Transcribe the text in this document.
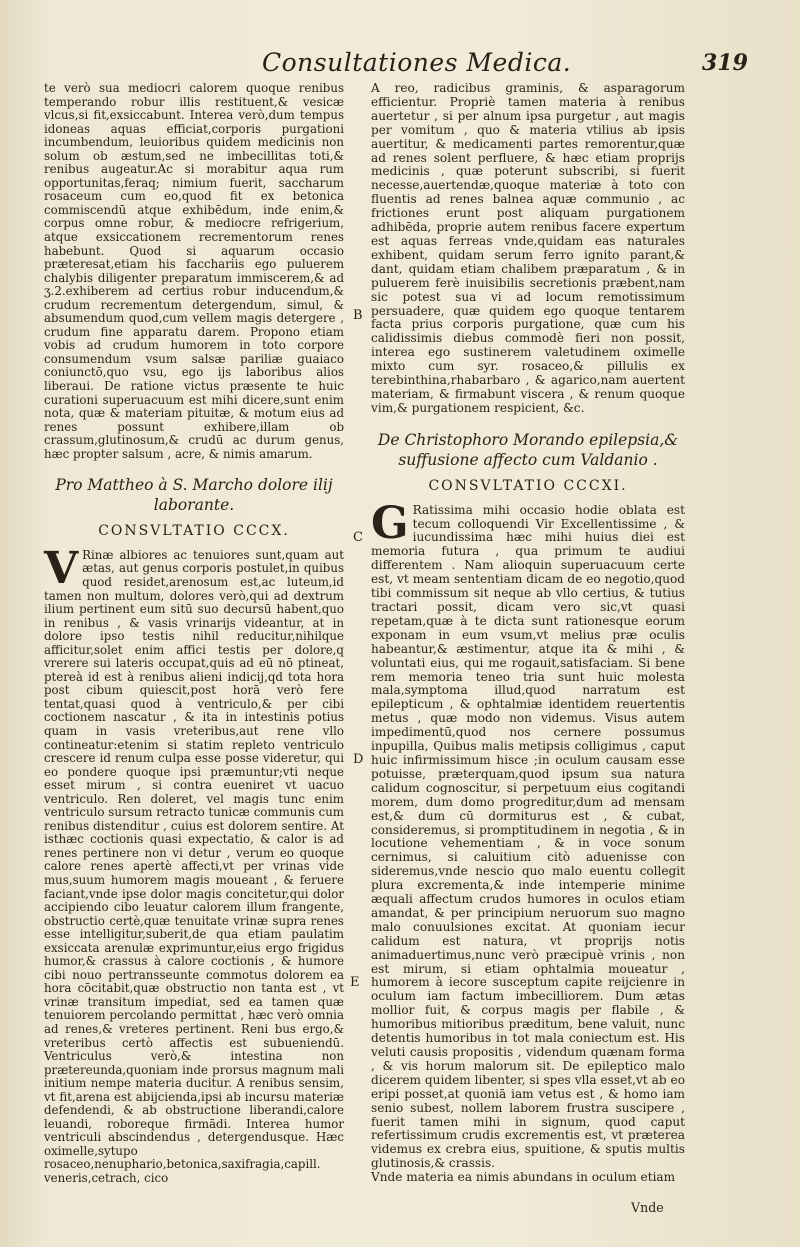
Consultationes Medica.	319

te verò sua mediocri calorem quoque renibus temperando robur illis restituent,& vesicæ vlcus,si fit,exsiccabunt. Interea verò,dum tempus idoneas aquas efficiat,corporis purgationi incumbendum, leuioribus quidem medicinis non solum ob æstum,sed ne imbecillitas toti,& renibus augeatur.Ac si morabitur aqua rum opportunitas,feraq; nimium fuerit, saccharum rosaceum cum eo,quod fit ex betonica commiscendū atque exhibēdum, inde enim,& corpus omne robur, & mediocre refrigerium, atque exsiccationem recrementorum renes habebunt. Quod si aquarum occasio præteresat,etiam his facchariis ego puluerem chalybis diligenter preparatum immiscerem,& ad ʒ.2.exhiberem ad certius robur inducendum,& crudum recrementum detergendum, simul, & absumendum quod,cum vellem magis detergere , crudum fine apparatu darem. Propono etiam vobis ad crudum humorem in toto corpore consumendum vsum salsæ pariliæ guaiaco coniunctō,quo vsu, ego ijs laboribus alios liberaui. De ratione victus præsente te huic curationi superuacuum est mihi dicere,sunt enim nota, quæ & materiam pituitæ, & motum eius ad renes possunt exhibere,illam ob crassum,glutinosum,& crudū ac durum genus, hæc propter salsum , acre, & nimis amarum.

Pro Mattheo à S. Marcho dolore ilij laborante.
CONSVLTATIO CCCX.

V Rinæ albiores ac tenuiores sunt,quam aut ætas, aut genus corporis postulet,in quibus quod residet,arenosum est,ac luteum,id tamen non multum, dolores verò,qui ad dextrum ilium pertinent eum sitū suo decursū habent,quo in renibus , & vasis vrinarijs videantur, at in dolore ipso testis nihil reducitur,nihilque afficitur,solet enim affici testis per dolore,q vrerere sui lateris occupat,quis ad eū nō ptineat, ptereà id est à renibus alieni indicij,qd tota hora post cibum quiescit,post horā verò fere tentat,quasi quod à ventriculo,& per cibi coctionem nascatur , & ita in intestinis potius quam in vasis vreteribus,aut rene vllo contineatur:etenim si statim repleto ventriculo crescere id renum culpa esse posse videretur, qui eo pondere quoque ipsi præmuntur;vti neque esset mirum , si contra eueniret vt uacuo ventriculo. Ren doleret, vel magis tunc enim ventriculo sursum retracto tunicæ communis cum renibus distenditur , cuius est dolorem sentire. At isthæc coctionis quasi expectatio, & calor is ad renes pertinere non vi detur , verum eo quoque calore renes apertè affecti,vt per vrinas vide mus,suum humorem magis moueant , & feruere faciant,vnde ipse dolor magis concitetur,qui dolor accipiendo cibo leuatur calorem illum frangente, obstructio certè,quæ tenuitate vrinæ supra renes esse intelligitur,suberit,de qua etiam paulatim exsiccata arenulæ exprimuntur,eius ergo frigidus humor,& crassus à calore coctionis , & humore cibi nouo pertransseunte commotus dolorem ea hora cōcitabit,quæ obstructio non tanta est , vt vrinæ transitum impediat, sed ea tamen quæ tenuiorem percolando permittat , hæc verò omnia ad renes,& vreteres pertinent. Reni bus ergo,& vreteribus certò affectis est subueniendū. Ventriculus verò,& intestina non prætereunda,quoniam inde prorsus magnum mali initium nempe materia ducitur. A renibus sensim, vt fit,arena est abijcienda,ipsi ab incursu materiæ defendendi, & ab obstructione liberandi,calore leuandi, roboreque firmādi. Interea humor ventriculi abscindendus , detergendusque. Hæc oximelle,sytupo rosaceo,nenuphario,betonica,saxifragia,capill. veneris,cetrach, cico

B
C
D
E

A reo, radicibus graminis, & asparagorum efficientur. Propriè tamen materia à renibus auertetur , si per alnum ipsa purgetur , aut magis per vomitum , quo & materia vtilius ab ipsis auertitur, & medicamenti partes remorentur,quæ ad renes solent perfluere, & hæc etiam proprijs medicinis , quæ poterunt subscribi, si fuerit necesse,auertendæ,quoque materiæ à toto con fluentis ad renes balnea aquæ communio , ac frictiones erunt post aliquam purgationem adhibēda, proprie autem renibus facere expertum est aquas ferreas vnde,quidam eas naturales exhibent, quidam serum ferro ignito parant,& dant, quidam etiam chalibem præparatum , & in puluerem ferè inuisibilis secretionis præbent,nam sic potest sua vi ad locum remotissimum persuadere, quæ quidem ego quoque tentarem facta prius corporis purgatione, quæ cum his calidissimis diebus commodè fieri non possit, interea ego sustinerem valetudinem oximelle mixto cum syr. rosaceo,& pillulis ex terebinthina,rhabarbaro , & agarico,nam auertent materiam, & firmabunt viscera , & renum quoque vim,& purgationem respicient, &c.

De Christophoro Morando epilepsia,& suffusione affecto cum Valdanio .
CONSVLTATIO CCCXI.

G Ratissima mihi occasio hodie oblata est tecum colloquendi Vir Excellentissime , & iucundissima hæc mihi huius diei est memoria futura , qua primum te audiui differentem . Nam alioquin superuacuum certe est, vt meam sententiam dicam de eo negotio,quod tibi commissum sit neque ab vllo certius, & tutius tractari possit, dicam vero sic,vt quasi repetam,quæ à te dicta sunt rationesque eorum exponam in eum vsum,vt melius præ oculis habeantur,& æstimentur, atque ita & mihi , & voluntati eius, qui me rogauit,satisfaciam. Si bene rem memoria teneo tria sunt huic molesta mala,symptoma illud,quod narratum est epilepticum , & ophtalmiæ identidem reuertentis metus , quæ modo non videmus. Visus autem impedimentū,quod nos cernere possumus inpupilla, Quibus malis metipsis colligimus , caput huic infirmissimum hisce ;in oculum causam esse potuisse, præterquam,quod ipsum sua natura calidum cognoscitur, si perpetuum eius cogitandi morem, dum domo progreditur,dum ad mensam est,& dum cū dormiturus est , & cubat, consideremus, si promptitudinem in negotia , & in locutione vehementiam , & in voce sonum cernimus, si caluitium citò aduenisse con sideremus,vnde nescio quo malo euentu collegit plura excrementa,& inde intemperie minime æquali affectum crudos humores in oculos etiam amandat, & per principium neruorum suo magno malo conuulsiones excitat. At quoniam iecur calidum est natura, vt proprijs notis animaduertimus,nunc verò præcipuè vrinis , non est mirum, si etiam ophtalmia moueatur , humorem à iecore susceptum capite reijcienre in oculum iam factum imbecilliorem. Dum ætas mollior fuit, & corpus magis per flabile , & humoribus mitioribus præditum, bene valuit, nunc detentis humoribus in tot mala coniectum est. His veluti causis propositis , videndum quænam forma , & vis horum malorum sit. De epileptico malo dicerem quidem libenter, si spes vlla esset,vt ab eo eripi posset,at quoniā iam vetus est , & homo iam senio subest, nollem laborem frustra suscipere , fuerit tamen mihi in signum, quod caput refertissimum crudis excrementis est, vt præterea videmus ex crebra eius, spuitione, & sputis multis glutinosis,& crassis.

Vnde materia ea nimis abundans in oculum etiam

Vnde
